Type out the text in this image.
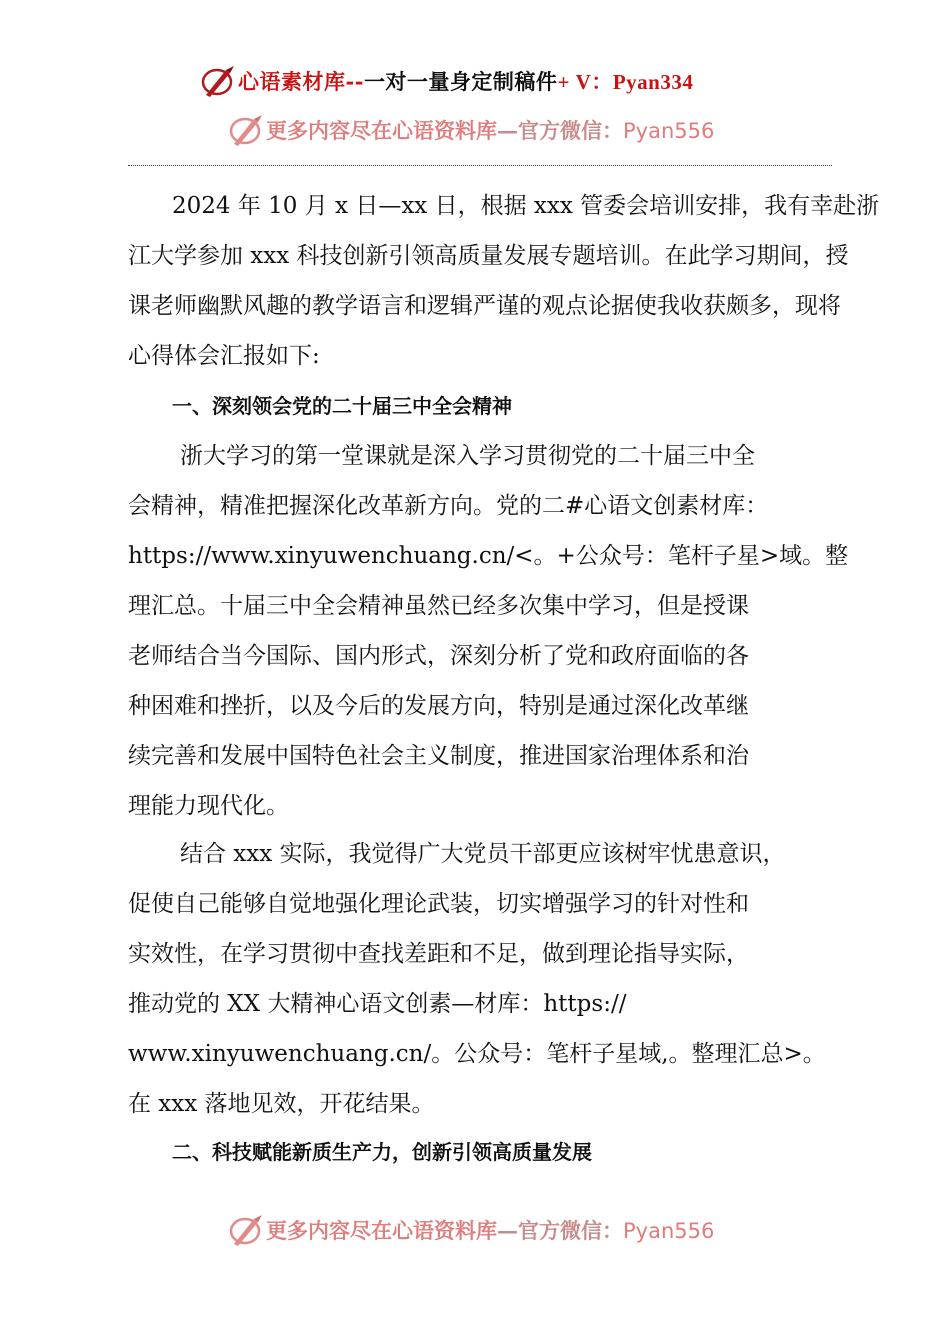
心语素材库--一对一量身定制稿件+ V：Pyan334
更多内容尽在心语资料库—官方微信：Pyan556
2024 年 10 月 x 日—xx 日，根据 xxx 管委会培训安排，我有幸赴浙
江大学参加 xxx 科技创新引领高质量发展专题培训。在此学习期间，授
课老师幽默风趣的教学语言和逻辑严谨的观点论据使我收获颇多，现将
心得体会汇报如下:
一、深刻领会党的二十届三中全会精神
浙大学习的第一堂课就是深入学习贯彻党的二十届三中全
会精神，精准把握深化改革新方向。党的二#心语文创素材库：
https://www.xinyuwenchuang.cn/<。+公众号：笔杆子星>域。整
理汇总。十届三中全会精神虽然已经多次集中学习，但是授课
老师结合当今国际、国内形式，深刻分析了党和政府面临的各
种困难和挫折，以及今后的发展方向，特别是通过深化改革继
续完善和发展中国特色社会主义制度，推进国家治理体系和治
理能力现代化。
结合 xxx 实际，我觉得广大党员干部更应该树牢忧患意识，
促使自己能够自觉地强化理论武装，切实增强学习的针对性和
实效性，在学习贯彻中查找差距和不足，做到理论指导实际，
推动党的 XX 大精神心语文创素—材库：https://
www.xinyuwenchuang.cn/。公众号：笔杆子星域,。整理汇总>。
在 xxx 落地见效，开花结果。
二、科技赋能新质生产力，创新引领高质量发展
更多内容尽在心语资料库—官方微信：Pyan556
